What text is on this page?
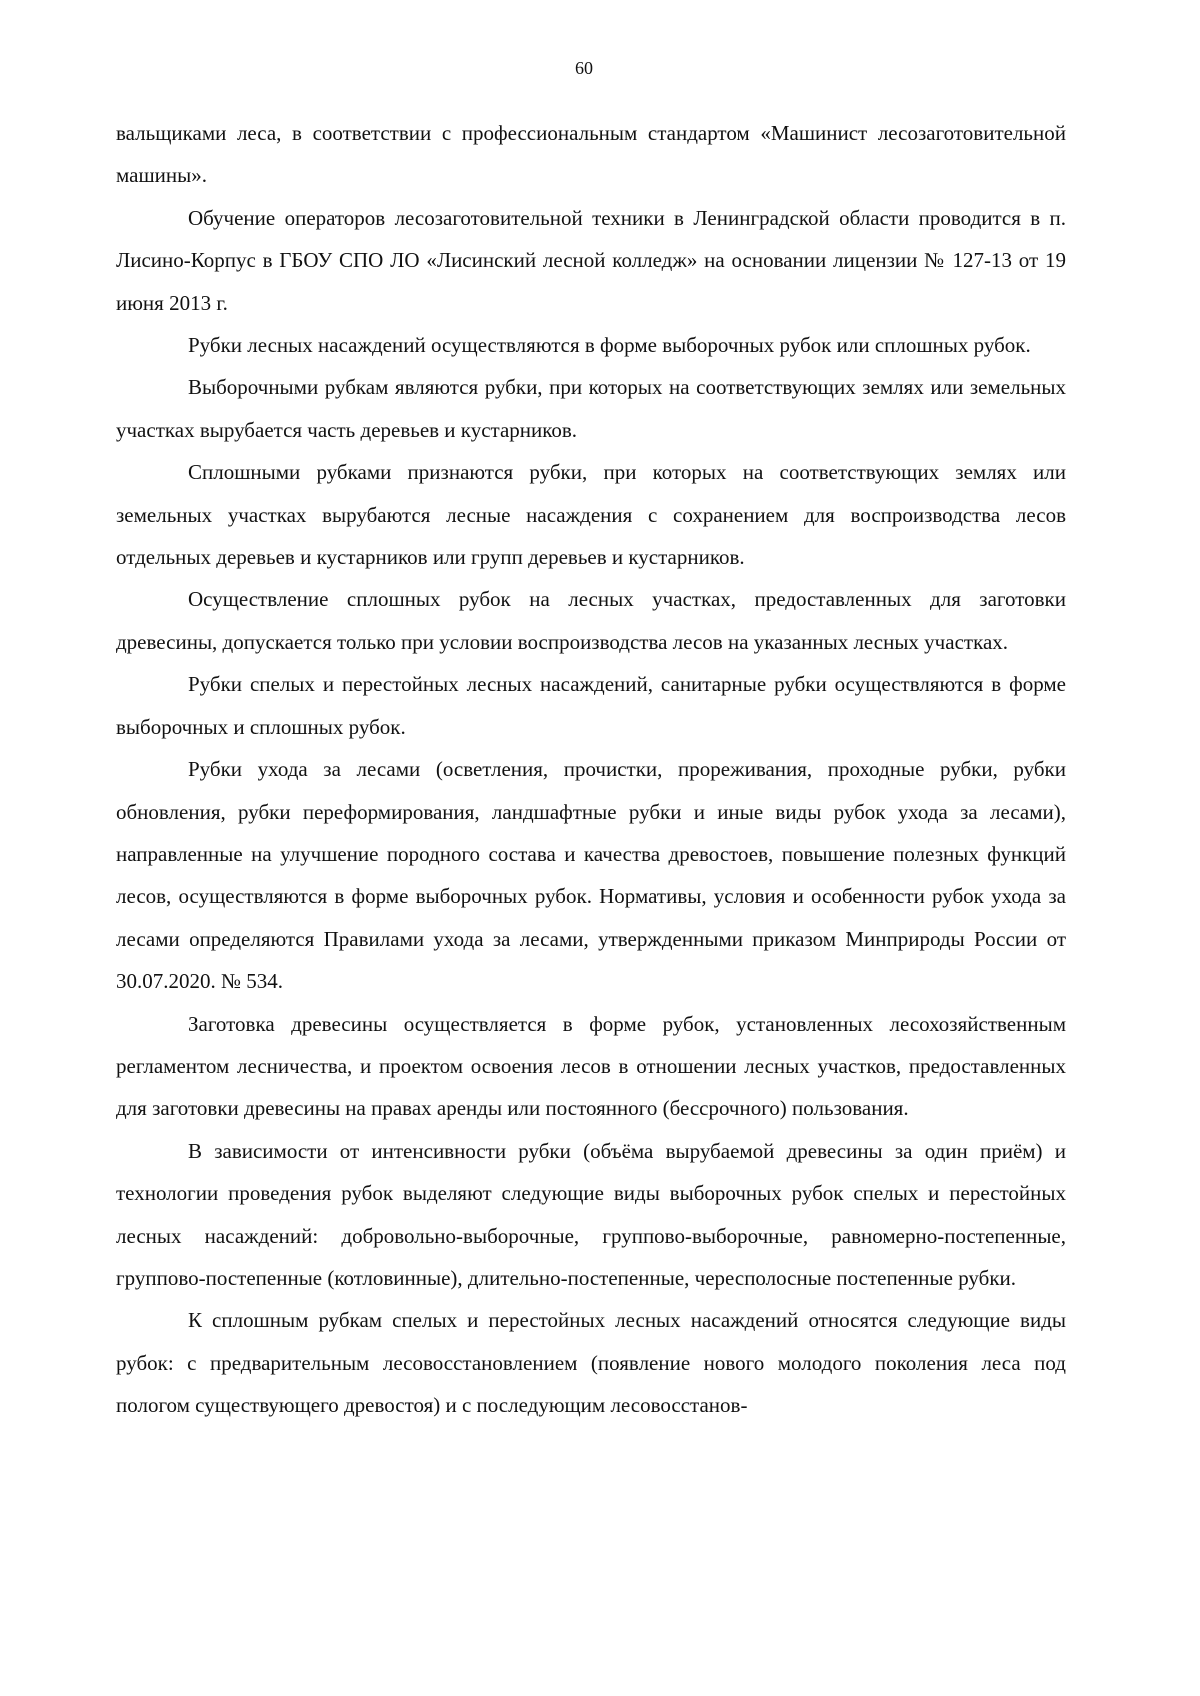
60

вальщиками леса, в соответствии с профессиональным стандартом «Машинист лесозаготовительной машины».

Обучение операторов лесозаготовительной техники в Ленинградской области проводится в п. Лисино-Корпус в ГБОУ СПО ЛО «Лисинский лесной колледж» на основании лицензии № 127-13 от 19 июня 2013 г.

Рубки лесных насаждений осуществляются в форме выборочных рубок или сплошных рубок.

Выборочными рубкам являются рубки, при которых на соответствующих землях или земельных участках вырубается часть деревьев и кустарников.

Сплошными рубками признаются рубки, при которых на соответствующих землях или земельных участках вырубаются лесные насаждения с сохранением для воспроизводства лесов отдельных деревьев и кустарников или групп деревьев и кустарников.

Осуществление сплошных рубок на лесных участках, предоставленных для заготовки древесины, допускается только при условии воспроизводства лесов на указанных лесных участках.

Рубки спелых и перестойных лесных насаждений, санитарные рубки осуществляются в форме выборочных и сплошных рубок.

Рубки ухода за лесами (осветления, прочистки, прореживания, проходные рубки, рубки обновления, рубки переформирования, ландшафтные рубки и иные виды рубок ухода за лесами), направленные на улучшение породного состава и качества древостоев, повышение полезных функций лесов, осуществляются в форме выборочных рубок. Нормативы, условия и особенности рубок ухода за лесами определяются Правилами ухода за лесами, утвержденными приказом Минприроды России от 30.07.2020. № 534.

Заготовка древесины осуществляется в форме рубок, установленных лесохозяйственным регламентом лесничества, и проектом освоения лесов в отношении лесных участков, предоставленных для заготовки древесины на правах аренды или постоянного (бессрочного) пользования.

В зависимости от интенсивности рубки (объёма вырубаемой древесины за один приём) и технологии проведения рубок выделяют следующие виды выборочных рубок спелых и перестойных лесных насаждений: добровольно-выборочные, группово-выборочные, равномерно-постепенные, группово-постепенные (котловинные), длительно-постепенные, чересполосные постепенные рубки.

К сплошным рубкам спелых и перестойных лесных насаждений относятся следующие виды рубок: с предварительным лесовосстановлением (появление нового молодого поколения леса под пологом существующего древостоя) и с последующим лесовосстанов-
